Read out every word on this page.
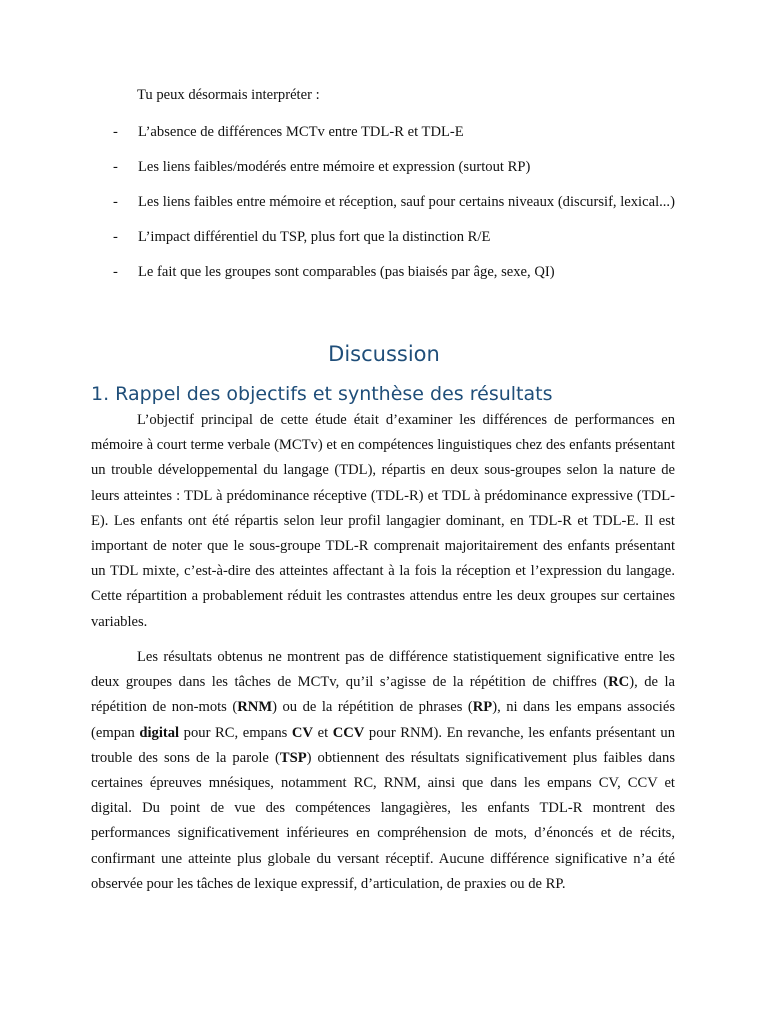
Tu peux désormais interpréter :

- L’absence de différences MCTv entre TDL-R et TDL-E
- Les liens faibles/modérés entre mémoire et expression (surtout RP)
- Les liens faibles entre mémoire et réception, sauf pour certains niveaux (discursif, lexical...)
- L’impact différentiel du TSP, plus fort que la distinction R/E
- Le fait que les groupes sont comparables (pas biaisés par âge, sexe, QI)
Discussion
1. Rappel des objectifs et synthèse des résultats

L’objectif principal de cette étude était d’examiner les différences de performances en mémoire à court terme verbale (MCTv) et en compétences linguistiques chez des enfants présentant un trouble développemental du langage (TDL), répartis en deux sous-groupes selon la nature de leurs atteintes : TDL à prédominance réceptive (TDL-R) et TDL à prédominance expressive (TDL-E). Les enfants ont été répartis selon leur profil langagier dominant, en TDL-R et TDL-E. Il est important de noter que le sous-groupe TDL-R comprenait majoritairement des enfants présentant un TDL mixte, c’est-à-dire des atteintes affectant à la fois la réception et l’expression du langage. Cette répartition a probablement réduit les contrastes attendus entre les deux groupes sur certaines variables.

Les résultats obtenus ne montrent pas de différence statistiquement significative entre les deux groupes dans les tâches de MCTv, qu’il s’agisse de la répétition de chiffres (RC), de la répétition de non-mots (RNM) ou de la répétition de phrases (RP), ni dans les empans associés (empan digital pour RC, empans CV et CCV pour RNM). En revanche, les enfants présentant un trouble des sons de la parole (TSP) obtiennent des résultats significativement plus faibles dans certaines épreuves mnésiques, notamment RC, RNM, ainsi que dans les empans CV, CCV et digital. Du point de vue des compétences langagières, les enfants TDL-R montrent des performances significativement inférieures en compréhension de mots, d’énoncés et de récits, confirmant une atteinte plus globale du versant réceptif. Aucune différence significative n’a été observée pour les tâches de lexique expressif, d’articulation, de praxies ou de RP.
